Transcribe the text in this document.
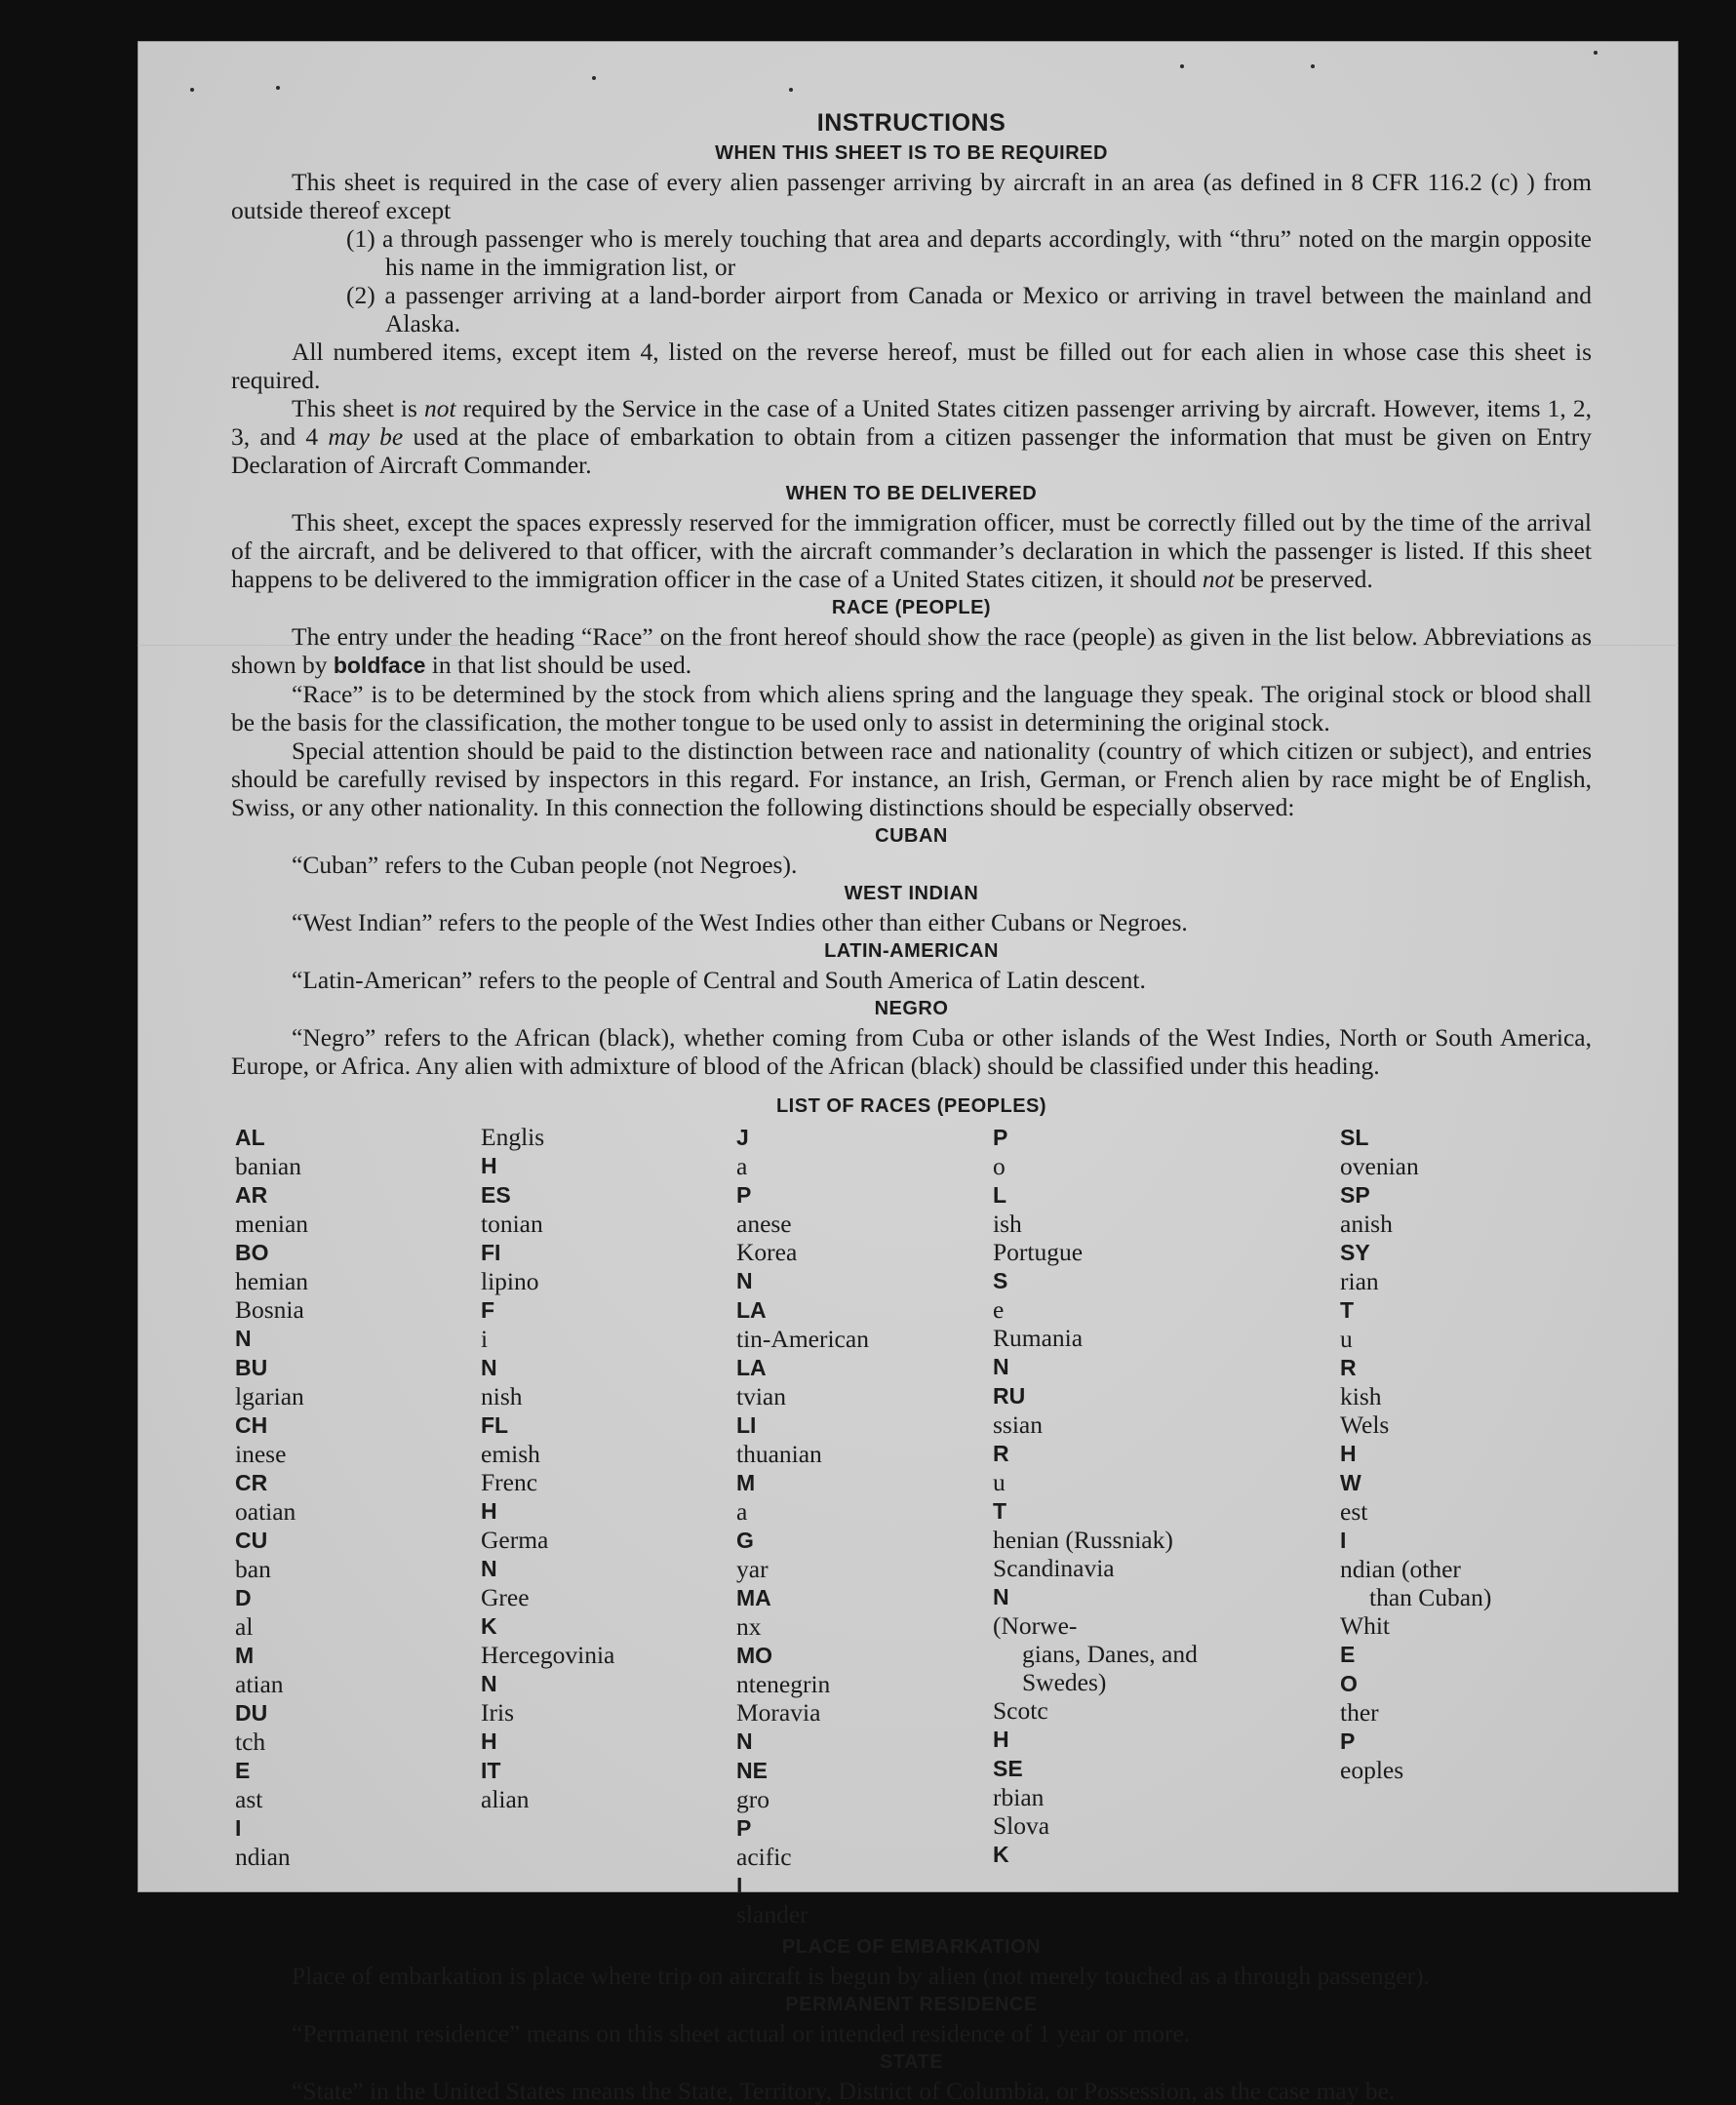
INSTRUCTIONS
WHEN THIS SHEET IS TO BE REQUIRED

This sheet is required in the case of every alien passenger arriving by aircraft in an area (as defined in 8 CFR 116.2 (c) ) from outside thereof except

(1) a through passenger who is merely touching that area and departs accordingly, with “thru” noted on the margin opposite his name in the immigration list, or

(2) a passenger arriving at a land-border airport from Canada or Mexico or arriving in travel between the mainland and Alaska.

All numbered items, except item 4, listed on the reverse hereof, must be filled out for each alien in whose case this sheet is required.

This sheet is not required by the Service in the case of a United States citizen passenger arriving by aircraft. However, items 1, 2, 3, and 4 may be used at the place of embarkation to obtain from a citizen passenger the information that must be given on Entry Declaration of Aircraft Commander.

WHEN TO BE DELIVERED

This sheet, except the spaces expressly reserved for the immigration officer, must be correctly filled out by the time of the arrival of the aircraft, and be delivered to that officer, with the aircraft commander’s declaration in which the passenger is listed. If this sheet happens to be delivered to the immigration officer in the case of a United States citizen, it should not be preserved.

RACE (PEOPLE)

The entry under the heading “Race” on the front hereof should show the race (people) as given in the list below. Abbreviations as shown by boldface in that list should be used.

“Race” is to be determined by the stock from which aliens spring and the language they speak. The original stock or blood shall be the basis for the classification, the mother tongue to be used only to assist in determining the original stock.

Special attention should be paid to the distinction between race and nationality (country of which citizen or subject), and entries should be carefully revised by inspectors in this regard. For instance, an Irish, German, or French alien by race might be of English, Swiss, or any other nationality. In this connection the following distinctions should be especially observed:

CUBAN

“Cuban” refers to the Cuban people (not Negroes).

WEST INDIAN

“West Indian” refers to the people of the West Indies other than either Cubans or Negroes.

LATIN-AMERICAN

“Latin-American” refers to the people of Central and South America of Latin descent.

NEGRO

“Negro” refers to the African (black), whether coming from Cuba or other islands of the West Indies, North or South America, Europe, or Africa. Any alien with admixture of blood of the African (black) should be classified under this heading.

LIST OF RACES (PEOPLES)
AL
banian
AR
menian
BO
hemian
Bosnia
N
BU
lgarian
CH
inese
CR
oatian
CU
ban
D
al
M
atian
DU
tch
E
ast
I
ndian
Englis
H
ES
tonian
FI
lipino
F
i
N
nish
FL
emish
Frenc
H
Germa
N
Gree
K
Hercegovinia
N
Iris
H
IT
alian
J
a
P
anese
Korea
N
LA
tin-American
LA
tvian
LI
thuanian
M
a
G
yar
MA
nx
MO
ntenegrin
Moravia
N
NE
gro
P
acific
I
slander
P
o
L
ish
Portugue
S
e
Rumania
N
RU
ssian
R
u
T
henian (Russniak)
Scandinavia
N
(Norwe-
gians, Danes, and
Swedes)
Scotc
H
SE
rbian
Slova
K
SL
ovenian
SP
anish
SY
rian
T
u
R
kish
Wels
H
W
est
I
ndian (other
than Cuban)
Whit
E
O
ther
P
eoples
PLACE OF EMBARKATION

Place of embarkation is place where trip on aircraft is begun by alien (not merely touched as a through passenger).

PERMANENT RESIDENCE

“Permanent residence” means on this sheet actual or intended residence of 1 year or more.

STATE

“State” in the United States means the State, Territory, District of Columbia, or Possession, as the case may be.
